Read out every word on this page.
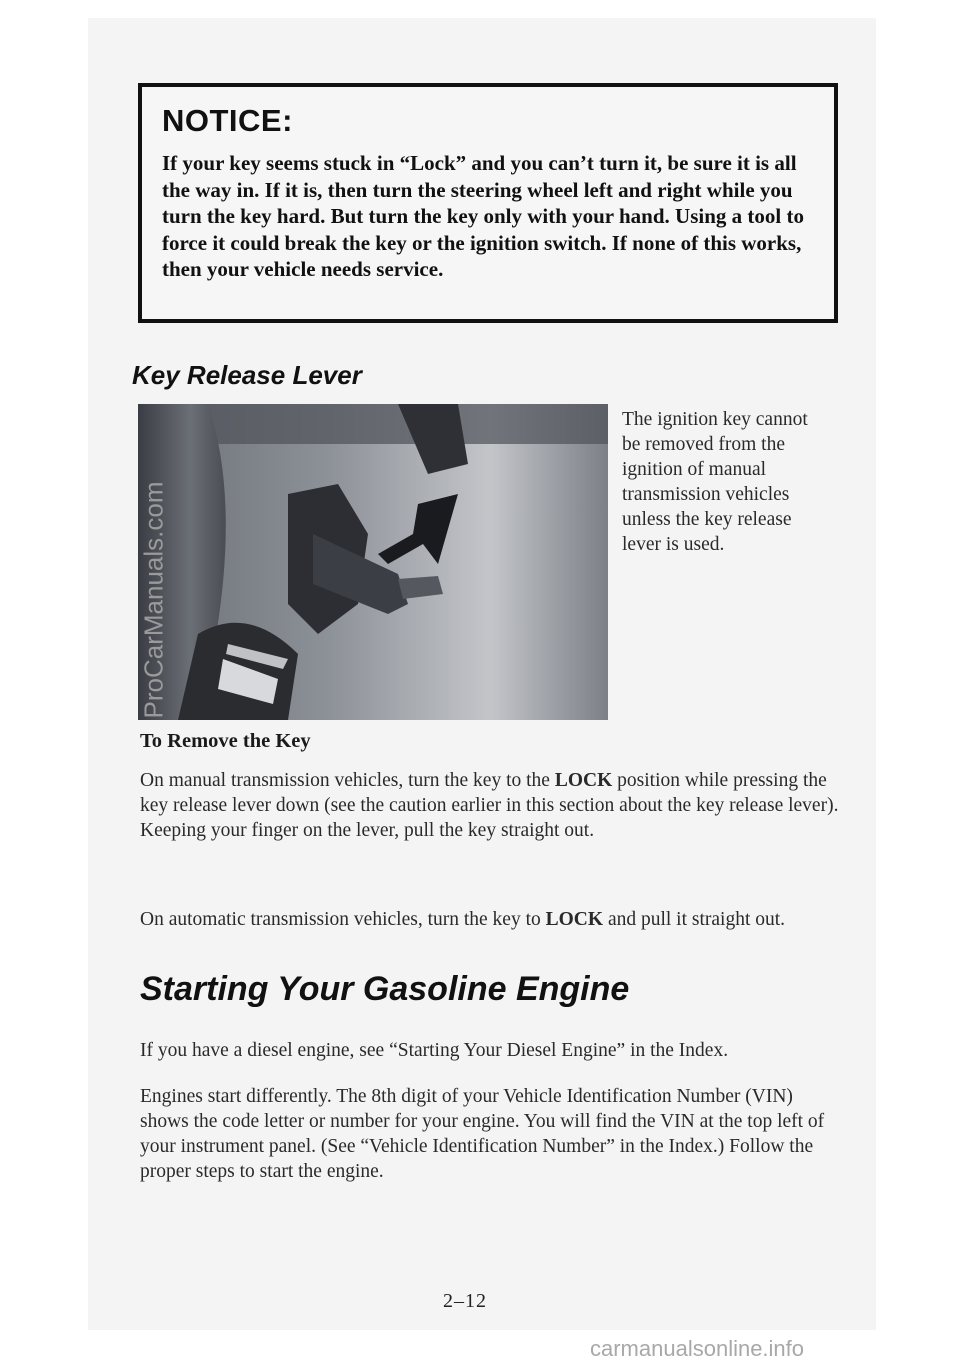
NOTICE:

If your key seems stuck in “Lock” and you can’t turn it, be sure it is all the way in. If it is, then turn the steering wheel left and right while you turn the key hard. But turn the key only with your hand. Using a tool to force it could break the key or the ignition switch. If none of this works, then your vehicle needs service.

Key Release Lever

The ignition key cannot be removed from the ignition of manual transmission vehicles unless the key release lever is used.

To Remove the Key

On manual transmission vehicles, turn the key to the LOCK position while pressing the key release lever down (see the caution earlier in this section about the key release lever). Keeping your finger on the lever, pull the key straight out.

On automatic transmission vehicles, turn the key to LOCK and pull it straight out.

Starting Your Gasoline Engine

If you have a diesel engine, see “Starting Your Diesel Engine” in the Index.

Engines start differently. The 8th digit of your Vehicle Identification Number (VIN) shows the code letter or number for your engine. You will find the VIN at the top left of your instrument panel. (See “Vehicle Identification Number” in the Index.) Follow the proper steps to start the engine.

2–12

ProCarManuals.com
carmanualsonline.info
